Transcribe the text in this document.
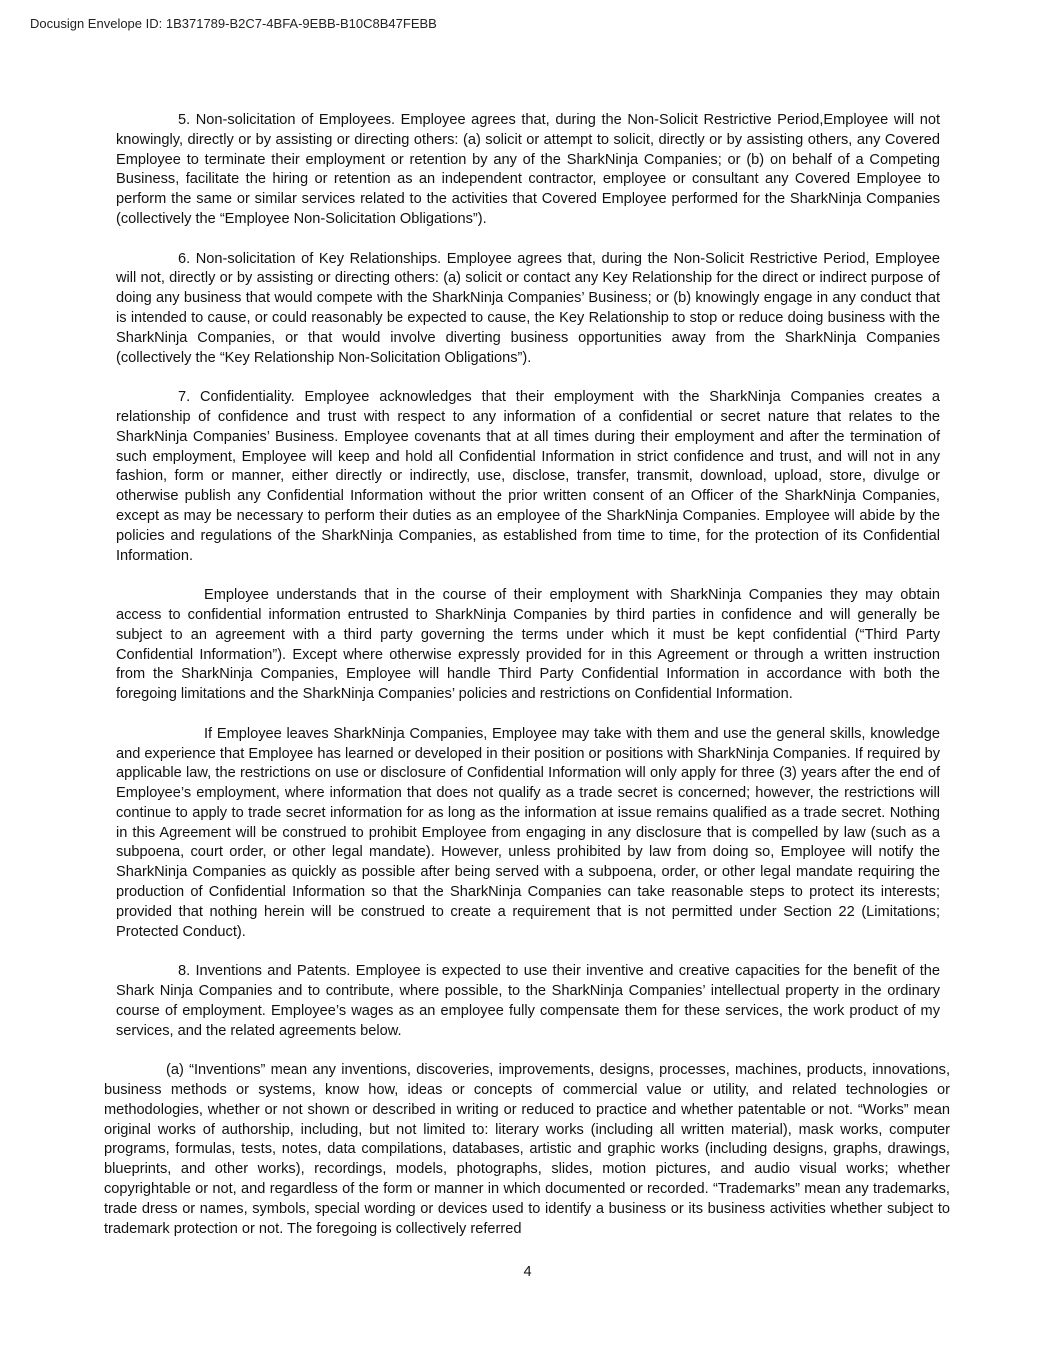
Docusign Envelope ID: 1B371789-B2C7-4BFA-9EBB-B10C8B47FEBB

5. Non-solicitation of Employees. Employee agrees that, during the Non-Solicit Restrictive Period,Employee will not knowingly, directly or by assisting or directing others: (a) solicit or attempt to solicit, directly or by assisting others, any Covered Employee to terminate their employment or retention by any of the SharkNinja Companies; or (b) on behalf of a Competing Business, facilitate the hiring or retention as an independent contractor, employee or consultant any Covered Employee to perform the same or similar services related to the activities that Covered Employee performed for the SharkNinja Companies (collectively the “Employee Non-Solicitation Obligations”).

6. Non-solicitation of Key Relationships. Employee agrees that, during the Non-Solicit Restrictive Period, Employee will not, directly or by assisting or directing others: (a) solicit or contact any Key Relationship for the direct or indirect purpose of doing any business that would compete with the SharkNinja Companies’ Business; or (b) knowingly engage in any conduct that is intended to cause, or could reasonably be expected to cause, the Key Relationship to stop or reduce doing business with the SharkNinja Companies, or that would involve diverting business opportunities away from the SharkNinja Companies (collectively the “Key Relationship Non-Solicitation Obligations”).

7. Confidentiality. Employee acknowledges that their employment with the SharkNinja Companies creates a relationship of confidence and trust with respect to any information of a confidential or secret nature that relates to the SharkNinja Companies’ Business. Employee covenants that at all times during their employment and after the termination of such employment, Employee will keep and hold all Confidential Information in strict confidence and trust, and will not in any fashion, form or manner, either directly or indirectly, use, disclose, transfer, transmit, download, upload, store, divulge or otherwise publish any Confidential Information without the prior written consent of an Officer of the SharkNinja Companies, except as may be necessary to perform their duties as an employee of the SharkNinja Companies. Employee will abide by the policies and regulations of the SharkNinja Companies, as established from time to time, for the protection of its Confidential Information.

Employee understands that in the course of their employment with SharkNinja Companies they may obtain access to confidential information entrusted to SharkNinja Companies by third parties in confidence and will generally be subject to an agreement with a third party governing the terms under which it must be kept confidential (“Third Party Confidential Information”). Except where otherwise expressly provided for in this Agreement or through a written instruction from the SharkNinja Companies, Employee will handle Third Party Confidential Information in accordance with both the foregoing limitations and the SharkNinja Companies’ policies and restrictions on Confidential Information.

If Employee leaves SharkNinja Companies, Employee may take with them and use the general skills, knowledge and experience that Employee has learned or developed in their position or positions with SharkNinja Companies. If required by applicable law, the restrictions on use or disclosure of Confidential Information will only apply for three (3) years after the end of Employee’s employment, where information that does not qualify as a trade secret is concerned; however, the restrictions will continue to apply to trade secret information for as long as the information at issue remains qualified as a trade secret. Nothing in this Agreement will be construed to prohibit Employee from engaging in any disclosure that is compelled by law (such as a subpoena, court order, or other legal mandate). However, unless prohibited by law from doing so, Employee will notify the SharkNinja Companies as quickly as possible after being served with a subpoena, order, or other legal mandate requiring the production of Confidential Information so that the SharkNinja Companies can take reasonable steps to protect its interests; provided that nothing herein will be construed to create a requirement that is not permitted under Section 22 (Limitations; Protected Conduct).

8. Inventions and Patents. Employee is expected to use their inventive and creative capacities for the benefit of the Shark Ninja Companies and to contribute, where possible, to the SharkNinja Companies’ intellectual property in the ordinary course of employment. Employee’s wages as an employee fully compensate them for these services, the work product of my services, and the related agreements below.

(a) “Inventions” mean any inventions, discoveries, improvements, designs, processes, machines, products, innovations, business methods or systems, know how, ideas or concepts of commercial value or utility, and related technologies or methodologies, whether or not shown or described in writing or reduced to practice and whether patentable or not. “Works” mean original works of authorship, including, but not limited to: literary works (including all written material), mask works, computer programs, formulas, tests, notes, data compilations, databases, artistic and graphic works (including designs, graphs, drawings, blueprints, and other works), recordings, models, photographs, slides, motion pictures, and audio visual works; whether copyrightable or not, and regardless of the form or manner in which documented or recorded. “Trademarks” mean any trademarks, trade dress or names, symbols, special wording or devices used to identify a business or its business activities whether subject to trademark protection or not. The foregoing is collectively referred

4
